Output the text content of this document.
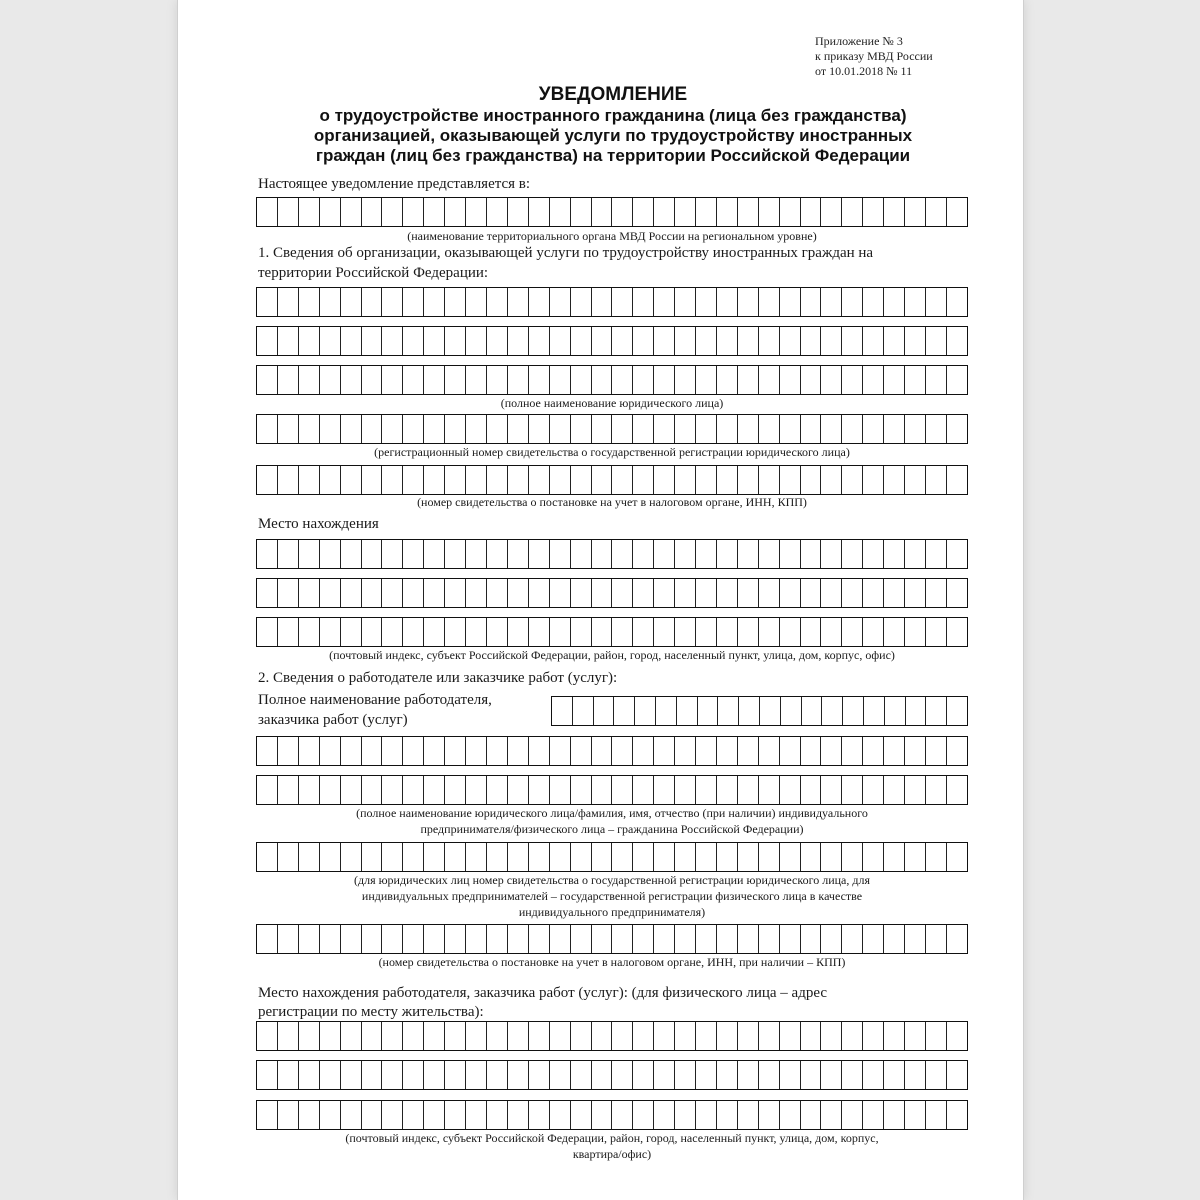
Приложение № 3
к приказу МВД России
от 10.01.2018 № 11
УВЕДОМЛЕНИЕ
о трудоустройстве иностранного гражданина (лица без гражданства)
организацией, оказывающей услуги по трудоустройству иностранных
граждан (лиц без гражданства) на территории Российской Федерации
Настоящее уведомление представляется в:
(наименование территориального органа МВД России на региональном уровне)
1. Сведения об организации, оказывающей услуги по трудоустройству иностранных граждан на
территории Российской Федерации:
(полное наименование юридического лица)
(регистрационный номер свидетельства о государственной регистрации юридического лица)
(номер свидетельства о постановке на учет в налоговом органе, ИНН, КПП)
Место нахождения
(почтовый индекс, субъект Российской Федерации, район, город, населенный пункт, улица, дом, корпус, офис)
2. Сведения о работодателе или заказчике работ (услуг):
Полное наименование работодателя,
заказчика работ (услуг)
(полное наименование юридического лица/фамилия, имя, отчество (при наличии) индивидуального
предпринимателя/физического лица – гражданина Российской Федерации)
(для юридических лиц номер свидетельства о государственной регистрации юридического лица, для
индивидуальных предпринимателей – государственной регистрации физического лица в качестве
индивидуального предпринимателя)
(номер свидетельства о постановке на учет в налоговом органе, ИНН, при наличии – КПП)
Место нахождения работодателя, заказчика работ (услуг): (для физического лица – адрес
регистрации по месту жительства):
(почтовый индекс, субъект Российской Федерации, район, город, населенный пункт, улица, дом, корпус,
квартира/офис)
